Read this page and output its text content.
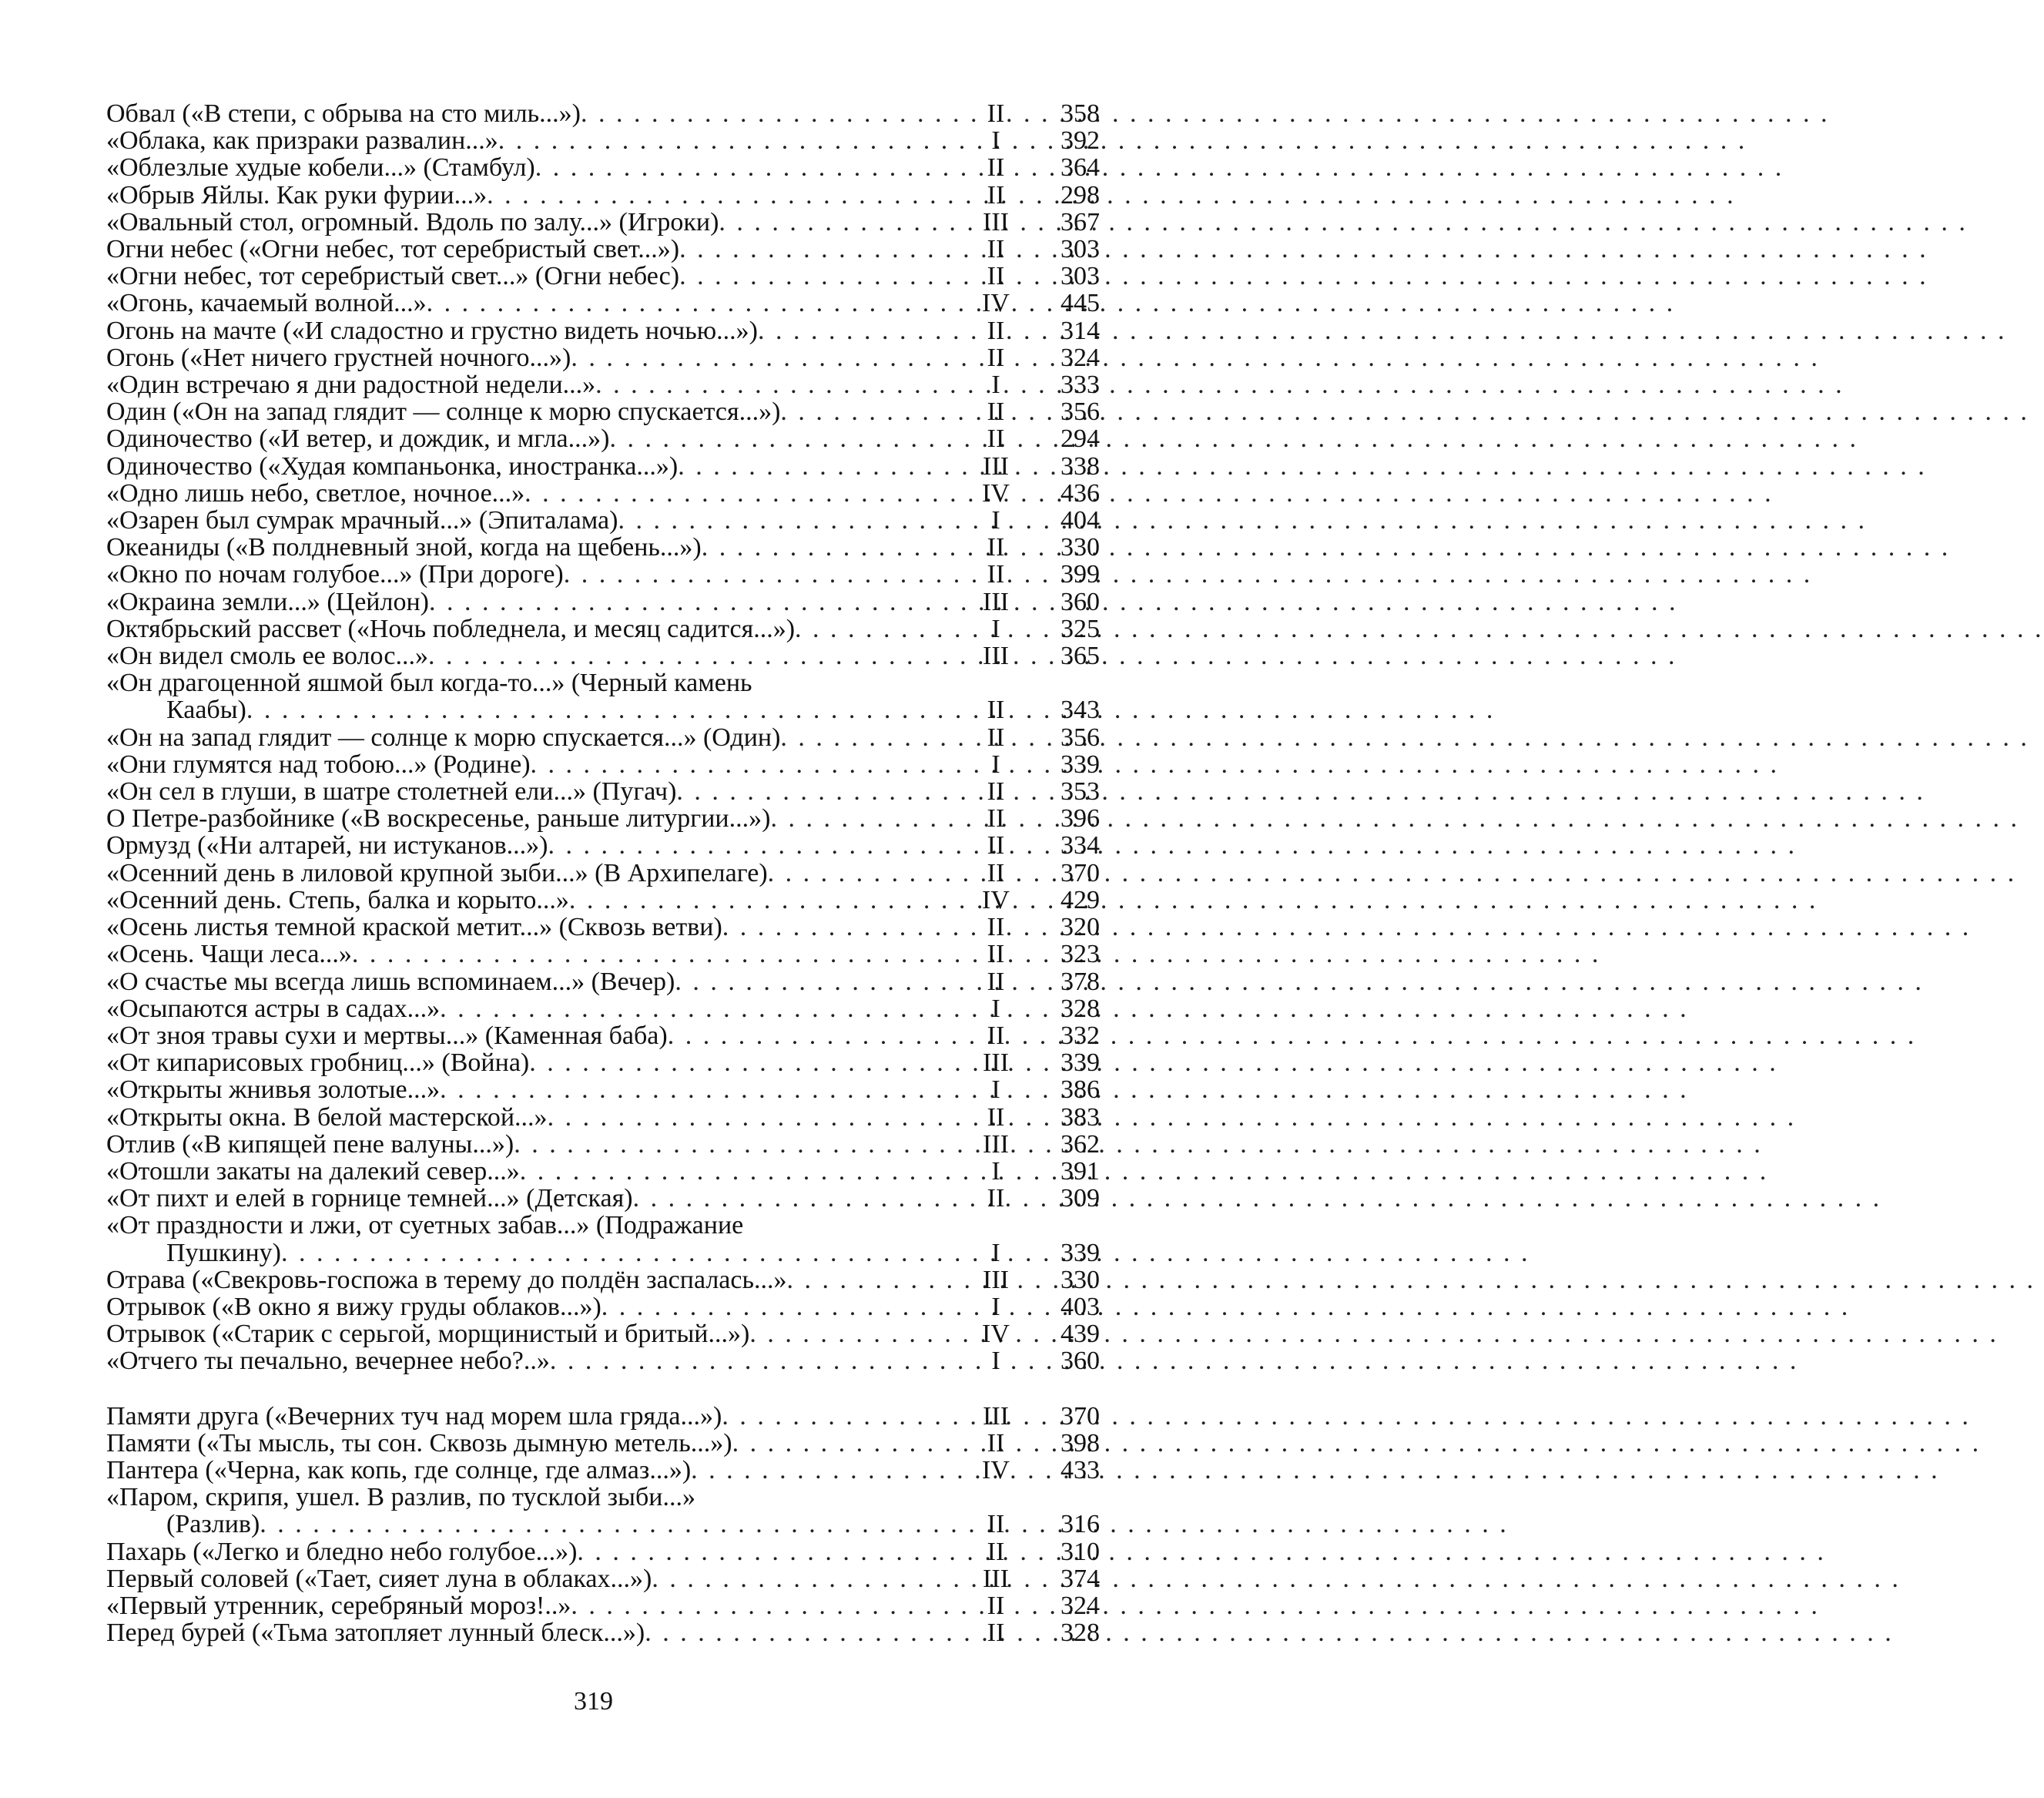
Обвал («В степи, с обрыва на сто миль...») . . .	II	358
«Облака, как призраки развалин...» . . .	I	392
«Облезлые худые кобели...» (Стамбул) . . .	II	364
«Обрыв Яйлы. Как руки фурии...» . . .	II	298
«Овальный стол, огромный. Вдоль по залу...» (Игроки) . . .	III	367
Огни небес («Огни небес, тот серебристый свет...») . . .	II	303
«Огни небес, тот серебристый свет...» (Огни небес) . . .	II	303
«Огонь, качаемый волной...» . . .	IV	445
Огонь на мачте («И сладостно и грустно видеть ночью...») . . .	II	314
Огонь («Нет ничего грустней ночного...») . . .	II	324
«Один встречаю я дни радостной недели...» . . .	I	333
Один («Он на запад глядит — солнце к морю спускается...») . . .	II	356
Одиночество («И ветер, и дождик, и мгла...») . . .	II	294
Одиночество («Худая компаньонка, иностранка...») . . .	III	338
«Одно лишь небо, светлое, ночное...» . . .	IV	436
«Озарен был сумрак мрачный...» (Эпиталама) . . .	I	404
Океаниды («В полдневный зной, когда на щебень...») . . .	II	330
«Окно по ночам голубое...» (При дороге) . . .	II	399
«Окраина земли...» (Цейлон) . . .	III	360
Октябрьский рассвет («Ночь побледнела, и месяц садится...») . . .	I	325
«Он видел смоль ее волос...» . . .	III	365
«Он драгоценной яшмой был когда-то...» (Черный камень
Каабы) . . .	II	343
«Он на запад глядит — солнце к морю спускается...» (Один) . . .	II	356
«Они глумятся над тобою...» (Родине) . . .	I	339
«Он сел в глуши, в шатре столетней ели...» (Пугач) . . .	II	353
О Петре-разбойнике («В воскресенье, раньше литургии...») . . .	II	396
Ормузд («Ни алтарей, ни истуканов...») . . .	II	334
«Осенний день в лиловой крупной зыби...» (В Архипелаге) . . .	II	370
«Осенний день. Степь, балка и корыто...» . . .	IV	429
«Осень листья темной краской метит...» (Сквозь ветви) . . .	II	320
«Осень. Чащи леса...» . . .	II	323
«О счастье мы всегда лишь вспоминаем...» (Вечер) . . .	II	378
«Осыпаются астры в садах...» . . .	I	328
«От зноя травы сухи и мертвы...» (Каменная баба) . . .	II	332
«От кипарисовых гробниц...» (Война) . . .	III	339
«Открыты жнивья золотые...» . . .	I	386
«Открыты окна. В белой мастерской...» . . .	II	383
Отлив («В кипящей пене валуны...») . . .	III	362
«Отошли закаты на далекий север...» . . .	I	391
«От пихт и елей в горнице темней...» (Детская) . . .	II	309
«От праздности и лжи, от суетных забав...» (Подражание
Пушкину) . . .	I	339
Отрава («Свекровь-госпожа в терему до полдён заспалась...» . . .	III	330
Отрывок («В окно я вижу груды облаков...») . . .	I	403
Отрывок («Старик с серьгой, морщинистый и бритый...») . . .	IV	439
«Отчего ты печально, вечернее небо?..» . . .	I	360
Памяти друга («Вечерних туч над морем шла гряда...») . . .	III	370
Памяти («Ты мысль, ты сон. Сквозь дымную метель...») . . .	II	398
Пантера («Черна, как копь, где солнце, где алмаз...») . . .	IV	433
«Паром, скрипя, ушел. В разлив, по тусклой зыби...»
(Разлив) . . .	II	316
Пахарь («Легко и бледно небо голубое...») . . .	II	310
Первый соловей («Тает, сияет луна в облаках...») . . .	III	374
«Первый утренник, серебряный мороз!..» . . .	II	324
Перед бурей («Тьма затопляет лунный блеск...») . . .	II	328
319
